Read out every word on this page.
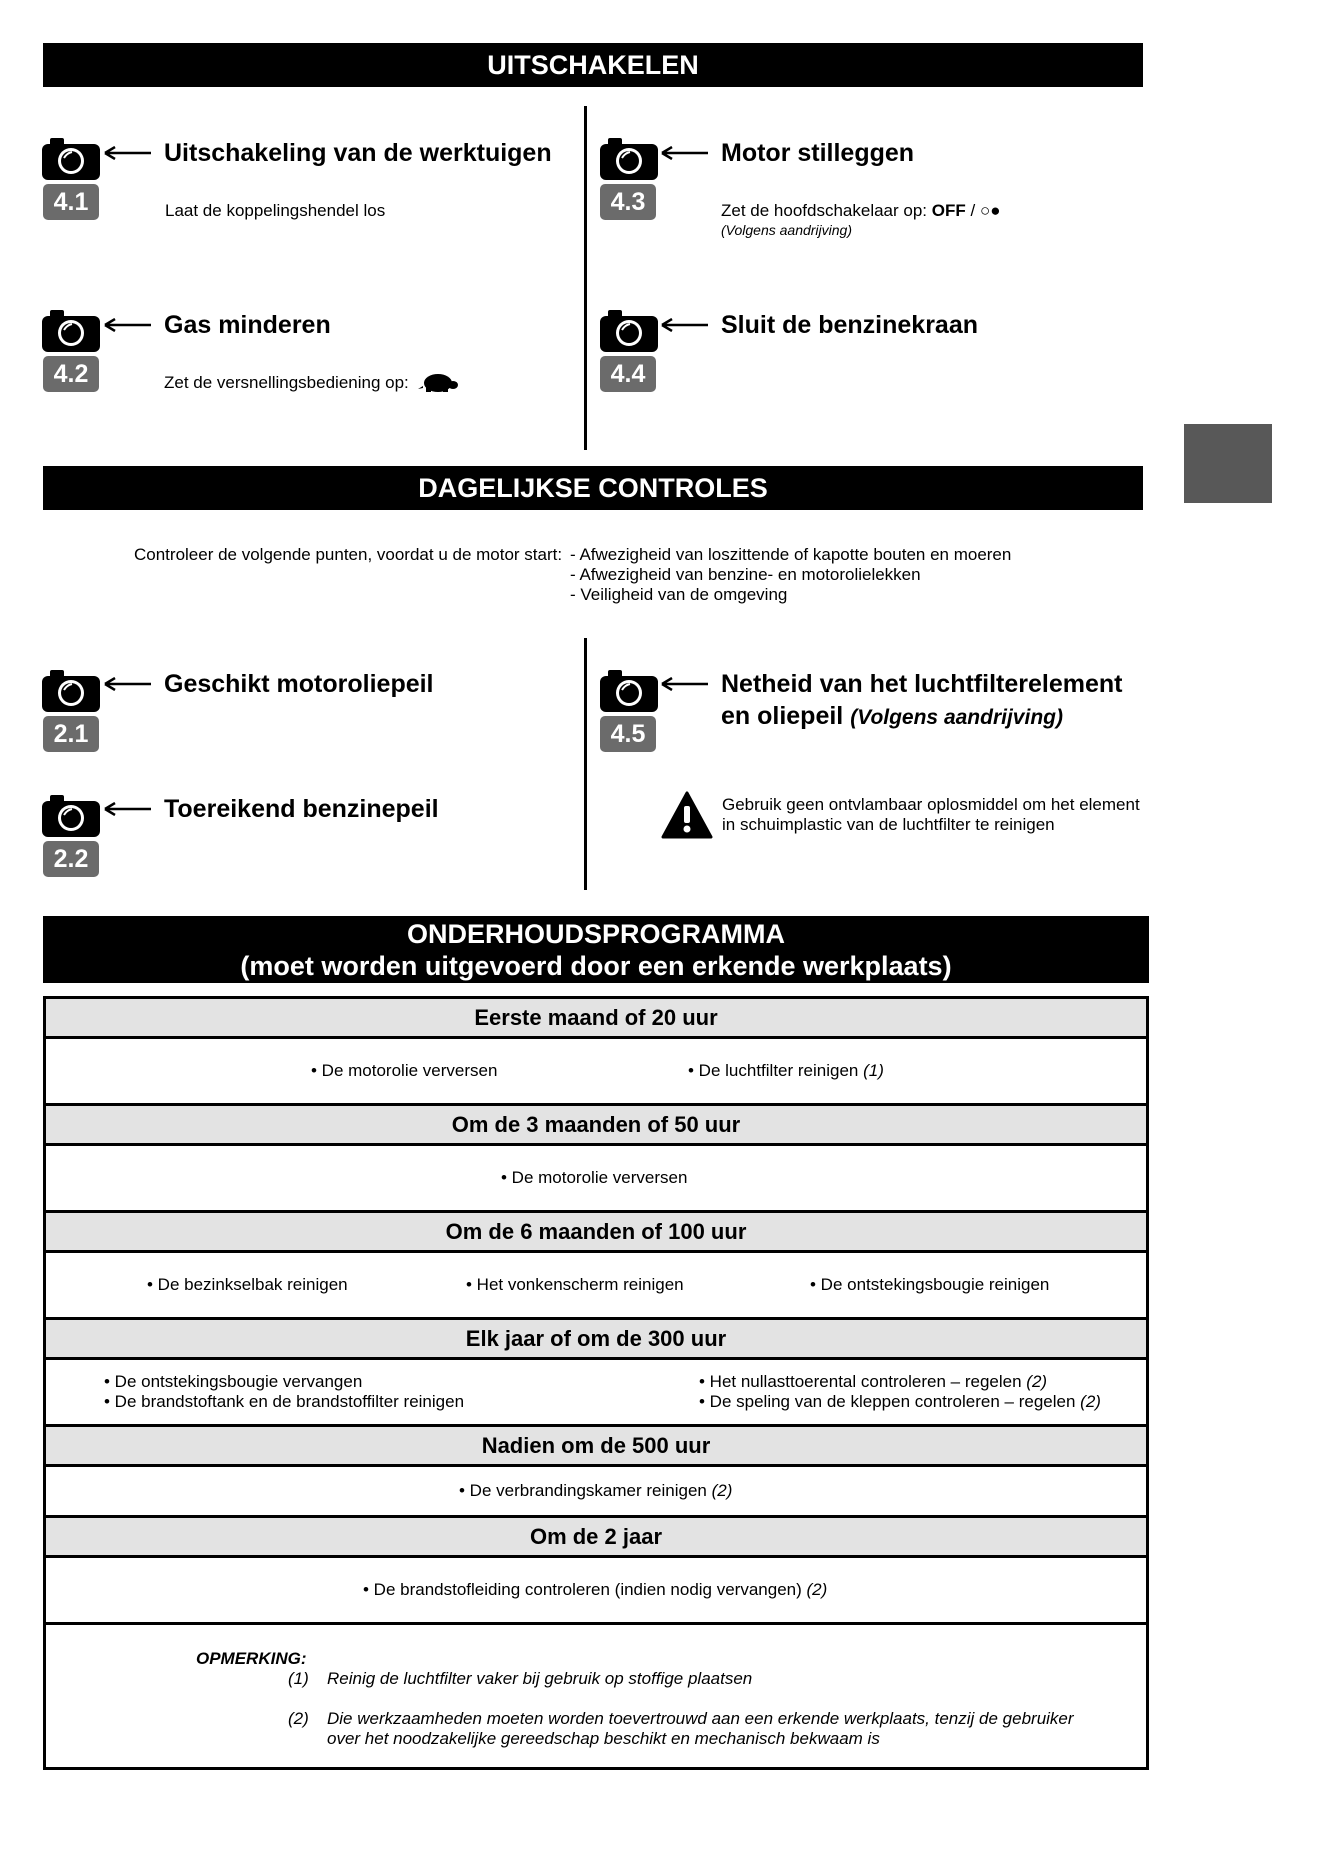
UITSCHAKELEN
4.1
Uitschakeling van de werktuigen
Laat de koppelingshendel los	4.3
Motor stilleggen
Zet de hoofdschakelaar op: OFF / ○●
(Volgens aandrijving)
4.2
Gas minderen
Zet de versnellingsbediening op:	4.4
Sluit de benzinekraan
DAGELIJKSE CONTROLES
Controleer de volgende punten, voordat u de motor start: - Afwezigheid van loszittende of kapotte bouten en moeren
- Afwezigheid van benzine- en motorolielekken
- Veiligheid van de omgeving
2.1
Geschikt motoroliepeil
4.5
Netheid van het luchtfilterelement
en oliepeil (Volgens aandrijving)
2.2
Toereikend benzinepeil	Gebruik geen ontvlambaar oplosmiddel om het element
in schuimplastic van de luchtfilter te reinigen
ONDERHOUDSPROGRAMMA
(moet worden uitgevoerd door een erkende werkplaats)
Eerste maand of 20 uur
• De motorolie verversen	• De luchtfilter reinigen (1)
Om de 3 maanden of 50 uur
• De motorolie verversen
Om de 6 maanden of 100 uur
• De bezinkselbak reinigen	• Het vonkenscherm reinigen	• De ontstekingsbougie reinigen
Elk jaar of om de 300 uur
• De ontstekingsbougie vervangen
• De brandstoftank en de brandstoffilter reinigen
• Het nullasttoerental controleren – regelen (2)
• De speling van de kleppen controleren – regelen (2)
Nadien om de 500 uur
• De verbrandingskamer reinigen (2)
Om de 2 jaar
• De brandstofleiding controleren (indien nodig vervangen) (2)
OPMERKING:
(1) Reinig de luchtfilter vaker bij gebruik op stoffige plaatsen
(2) Die werkzaamheden moeten worden toevertrouwd aan een erkende werkplaats, tenzij de gebruiker
over het noodzakelijke gereedschap beschikt en mechanisch bekwaam is
